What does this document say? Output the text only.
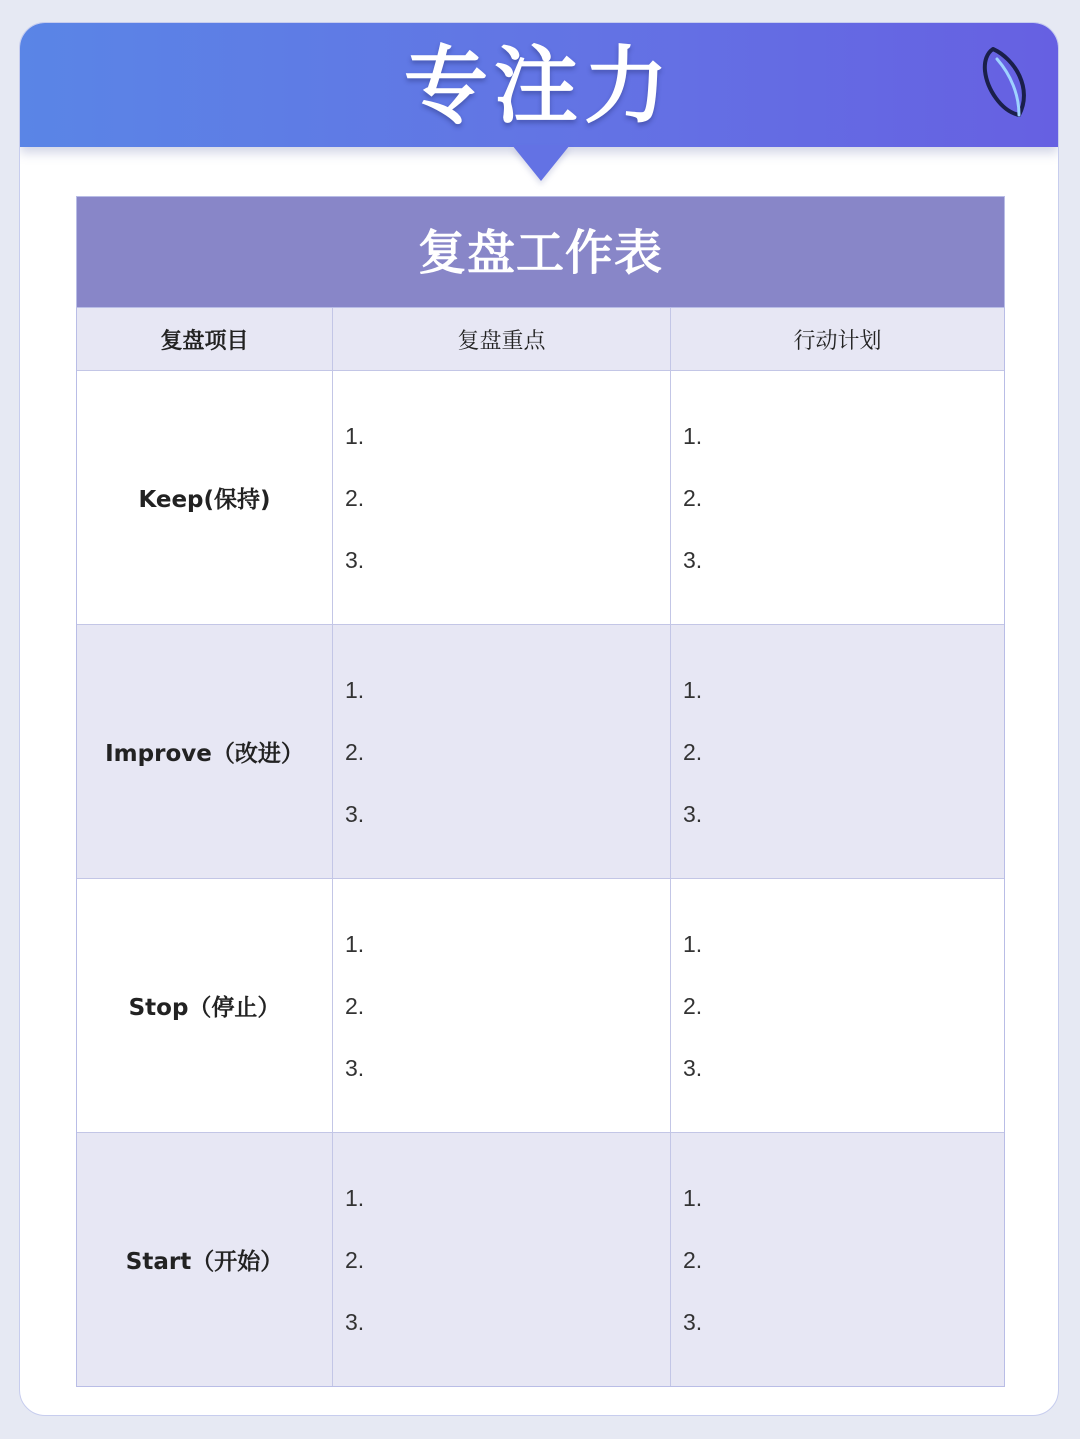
专注力
复盘工作表
复盘项目	复盘重点	行动计划
Keep(保持)
1.
2.
3.
1.
2.
3.
Improve（改进）
1.
2.
3.
1.
2.
3.
Stop（停止）
1.
2.
3.
1.
2.
3.
Start（开始）
1.
2.
3.
1.
2.
3.
